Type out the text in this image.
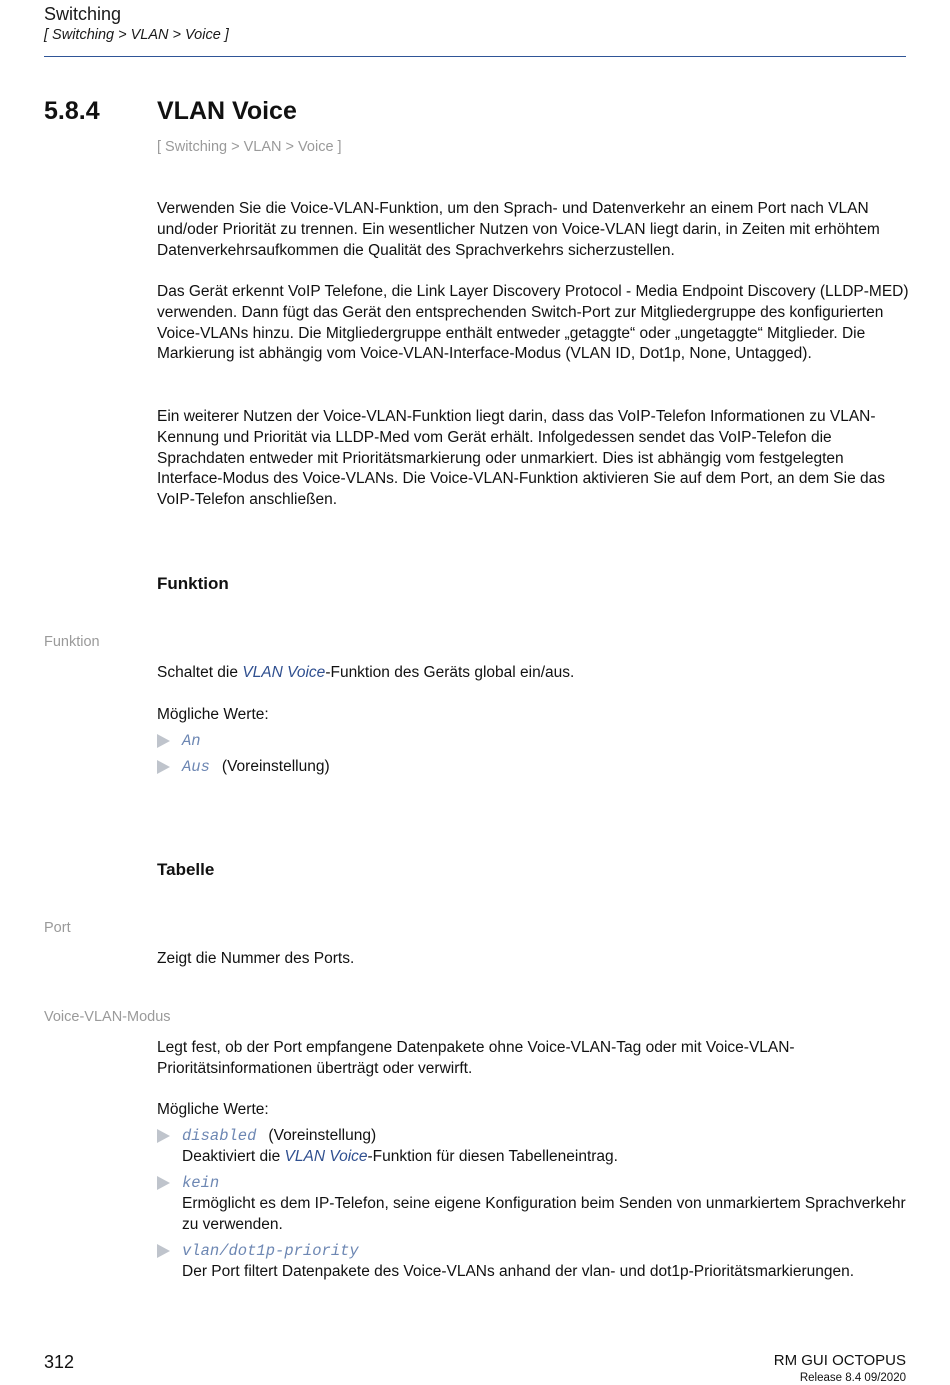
Switching
[ Switching > VLAN > Voice ]
5.8.4 VLAN Voice
[ Switching > VLAN > Voice ]

Verwenden Sie die Voice-VLAN-Funktion, um den Sprach- und Datenverkehr an einem Port nach VLAN und/oder Priorität zu trennen. Ein wesentlicher Nutzen von Voice-VLAN liegt darin, in Zeiten mit erhöhtem Datenverkehrsaufkommen die Qualität des Sprachverkehrs sicherzustellen.

Das Gerät erkennt VoIP Telefone, die Link Layer Discovery Protocol - Media Endpoint Discovery (LLDP-MED) verwenden. Dann fügt das Gerät den entsprechenden Switch-Port zur Mitgliedergruppe des konfigurierten Voice-VLANs hinzu. Die Mitgliedergruppe enthält entweder „getaggte“ oder „ungetaggte“ Mitglieder. Die Markierung ist abhängig vom Voice-VLAN-Interface-Modus (VLAN ID, Dot1p, None, Untagged).

Ein weiterer Nutzen der Voice-VLAN-Funktion liegt darin, dass das VoIP-Telefon Informationen zu VLAN-Kennung und Priorität via LLDP-Med vom Gerät erhält. Infolgedessen sendet das VoIP-Telefon die Sprachdaten entweder mit Prioritätsmarkierung oder unmarkiert. Dies ist abhängig vom festgelegten Interface-Modus des Voice-VLANs. Die Voice-VLAN-Funktion aktivieren Sie auf dem Port, an dem Sie das VoIP-Telefon anschließen.

Funktion
Funktion

Schaltet die VLAN Voice-Funktion des Geräts global ein/aus.

Mögliche Werte:

An
Aus (Voreinstellung)
Tabelle
Port

Zeigt die Nummer des Ports.

Voice-VLAN-Modus

Legt fest, ob der Port empfangene Datenpakete ohne Voice-VLAN-Tag oder mit Voice-VLAN-Prioritätsinformationen überträgt oder verwirft.

Mögliche Werte:

disabled (Voreinstellung)
Deaktiviert die VLAN Voice-Funktion für diesen Tabelleneintrag.
kein
Ermöglicht es dem IP-Telefon, seine eigene Konfiguration beim Senden von unmarkiertem Sprachverkehr zu verwenden.
vlan/dot1p-priority
Der Port filtert Datenpakete des Voice-VLANs anhand der vlan- und dot1p-Prioritätsmarkierungen.
312	RM GUI OCTOPUS
Release 8.4 09/2020
